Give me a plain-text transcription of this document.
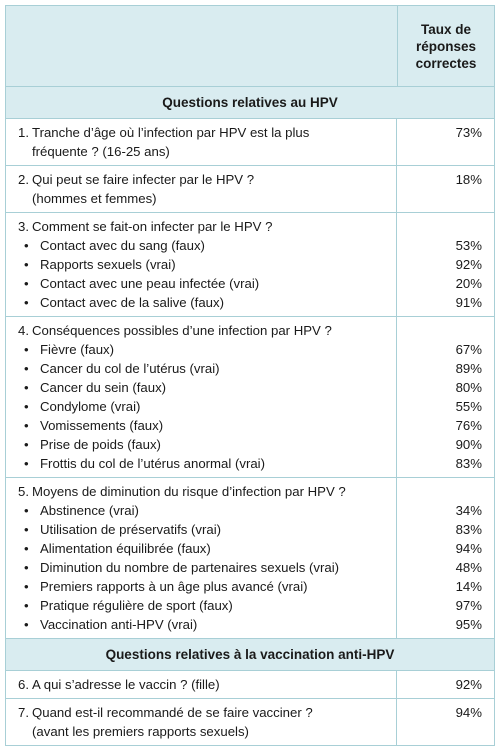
Taux de
réponses
correctes
Questions relatives au HPV
1. Tranche d’âge où l’infection par HPV est la plus
fréquente ? (16-25 ans)
73%
2. Qui peut se faire infecter par le HPV ?
(hommes et femmes)
18%
3. Comment se fait-on infecter par le HPV ?
• Contact avec du sang (faux)
• Rapports sexuels (vrai)
• Contact avec une peau infectée (vrai)
• Contact avec de la salive (faux)
53%
92%
20%
91%
4. Conséquences possibles d’une infection par HPV ?
• Fièvre (faux)
• Cancer du col de l’utérus (vrai)
• Cancer du sein (faux)
• Condylome (vrai)
• Vomissements (faux)
• Prise de poids (faux)
• Frottis du col de l’utérus anormal (vrai)
67%
89%
80%
55%
76%
90%
83%
5. Moyens de diminution du risque d’infection par HPV ?
• Abstinence (vrai)
• Utilisation de préservatifs (vrai)
• Alimentation équilibrée (faux)
• Diminution du nombre de partenaires sexuels (vrai)
• Premiers rapports à un âge plus avancé (vrai)
• Pratique régulière de sport (faux)
• Vaccination anti-HPV (vrai)
34%
83%
94%
48%
14%
97%
95%
Questions relatives à la vaccination anti-HPV
6. A qui s’adresse le vaccin ? (fille)	92%
7. Quand est-il recommandé de se faire vacciner ?
(avant les premiers rapports sexuels)
94%
